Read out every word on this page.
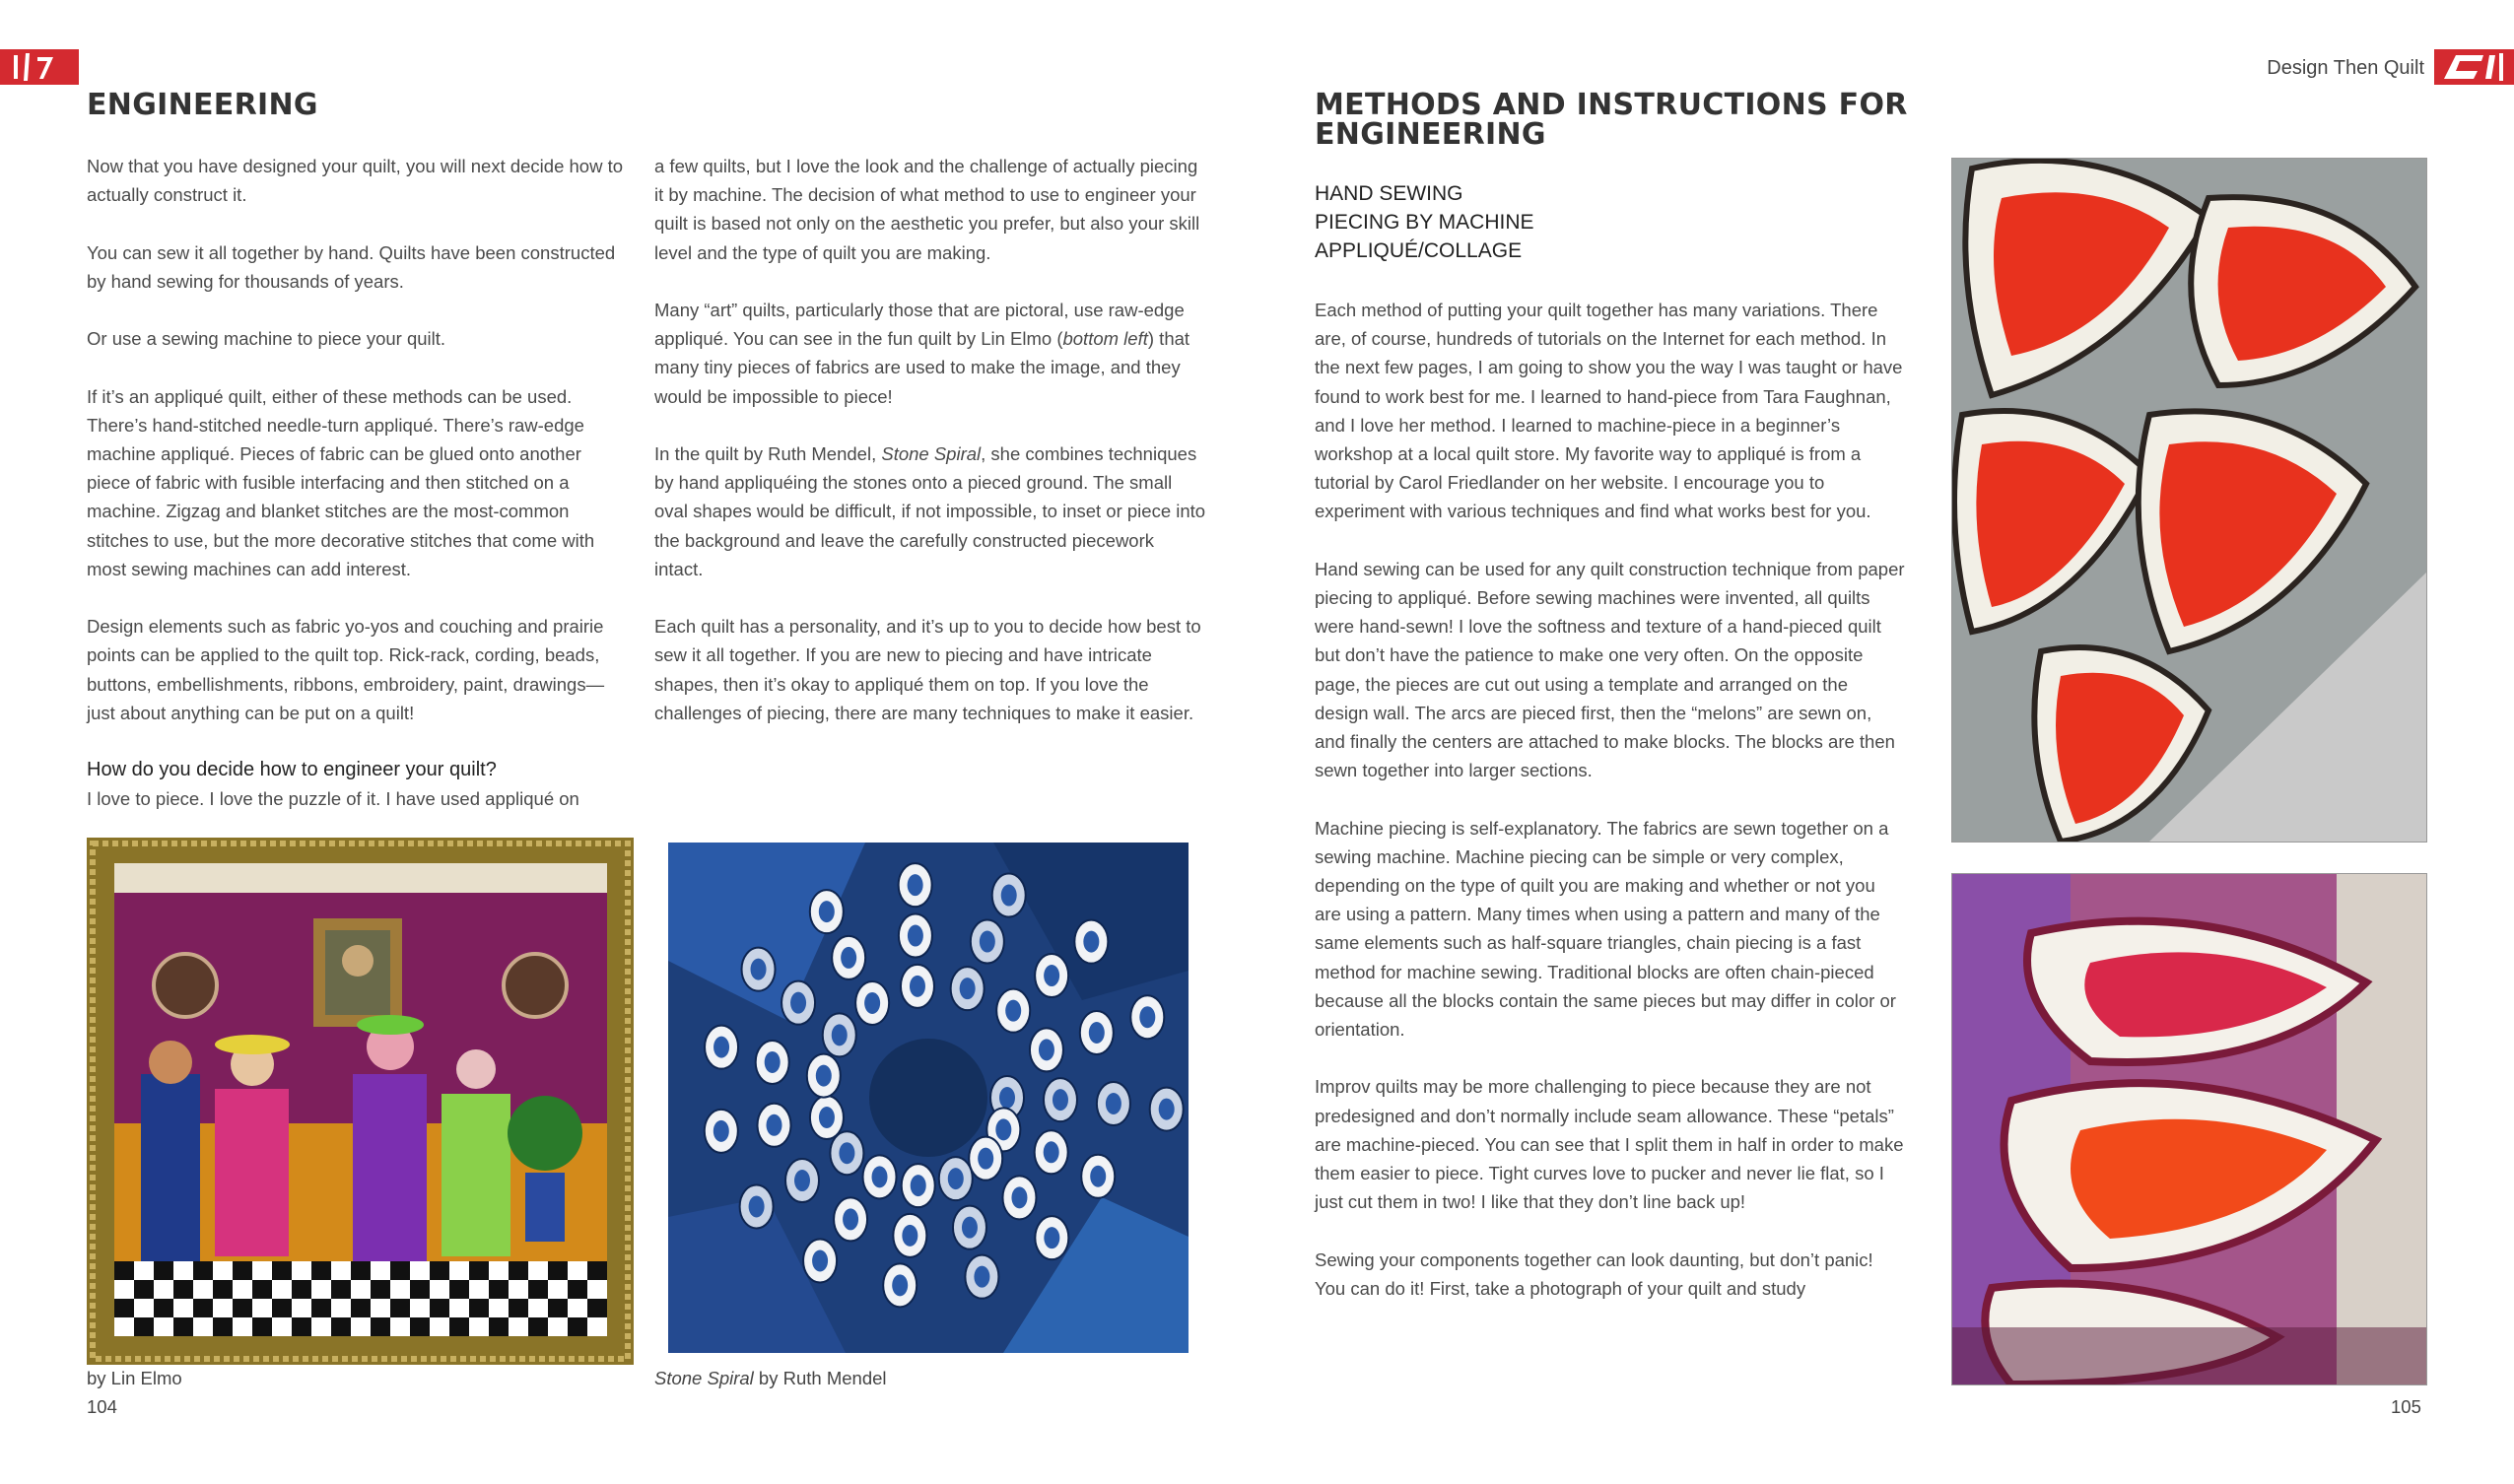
Design Then Quilt
ENGINEERING

Now that you have designed your quilt, you will next decide how to actually construct it.

You can sew it all together by hand. Quilts have been constructed by hand sewing for thousands of years.

Or use a sewing machine to piece your quilt.

If it’s an appliqué quilt, either of these methods can be used. There’s hand-stitched needle-turn appliqué. There’s raw-edge machine appliqué. Pieces of fabric can be glued onto another piece of fabric with fusible interfacing and then stitched on a machine. Zigzag and blanket stitches are the most-common stitches to use, but the more decorative stitches that come with most sewing machines can add interest.

Design elements such as fabric yo-yos and couching and prairie points can be applied to the quilt top. Rick-rack, cording, beads, buttons, embellishments, ribbons, embroidery, paint, drawings—just about anything can be put on a quilt!

How do you decide how to engineer your quilt?

I love to piece. I love the puzzle of it. I have used appliqué on

a few quilts, but I love the look and the challenge of actually piecing it by machine. The decision of what method to use to engineer your quilt is based not only on the aesthetic you prefer, but also your skill level and the type of quilt you are making.

Many “art” quilts, particularly those that are pictoral, use raw-edge appliqué. You can see in the fun quilt by Lin Elmo (bottom left) that many tiny pieces of fabrics are used to make the image, and they would be impossible to piece!

In the quilt by Ruth Mendel, Stone Spiral, she combines techniques by hand appliquéing the stones onto a pieced ground. The small oval shapes would be difficult, if not impossible, to inset or piece into the background and leave the carefully constructed piecework intact.

Each quilt has a personality, and it’s up to you to decide how best to sew it all together. If you are new to piecing and have intricate shapes, then it’s okay to appliqué them on top. If you love the challenges of piecing, there are many techniques to make it easier.

by Lin Elmo	Stone Spiral by Ruth Mendel
104
METHODS AND INSTRUCTIONS FOR
ENGINEERING
HAND SEWING
PIECING BY MACHINE
APPLIQUÉ/COLLAGE

Each method of putting your quilt together has many variations. There are, of course, hundreds of tutorials on the Internet for each method. In the next few pages, I am going to show you the way I was taught or have found to work best for me. I learned to hand-piece from Tara Faughnan, and I love her method. I learned to machine-piece in a beginner’s workshop at a local quilt store. My favorite way to appliqué is from a tutorial by Carol Friedlander on her website. I encourage you to experiment with various techniques and find what works best for you.

Hand sewing can be used for any quilt construction technique from paper piecing to appliqué. Before sewing machines were invented, all quilts were hand-sewn! I love the softness and texture of a hand-pieced quilt but don’t have the patience to make one very often. On the opposite page, the pieces are cut out using a template and arranged on the design wall. The arcs are pieced first, then the “melons” are sewn on, and finally the centers are attached to make blocks. The blocks are then sewn together into larger sections.

Machine piecing is self-explanatory. The fabrics are sewn together on a sewing machine. Machine piecing can be simple or very complex, depending on the type of quilt you are making and whether or not you are using a pattern. Many times when using a pattern and many of the same elements such as half-square triangles, chain piecing is a fast method for machine sewing. Traditional blocks are often chain-pieced because all the blocks contain the same pieces but may differ in color or orientation.

Improv quilts may be more challenging to piece because they are not predesigned and don’t normally include seam allowance. These “petals” are machine-pieced. You can see that I split them in half in order to make them easier to piece. Tight curves love to pucker and never lie flat, so I just cut them in two! I like that they don’t line back up!

Sewing your components together can look daunting, but don’t panic! You can do it! First, take a photograph of your quilt and study

105
